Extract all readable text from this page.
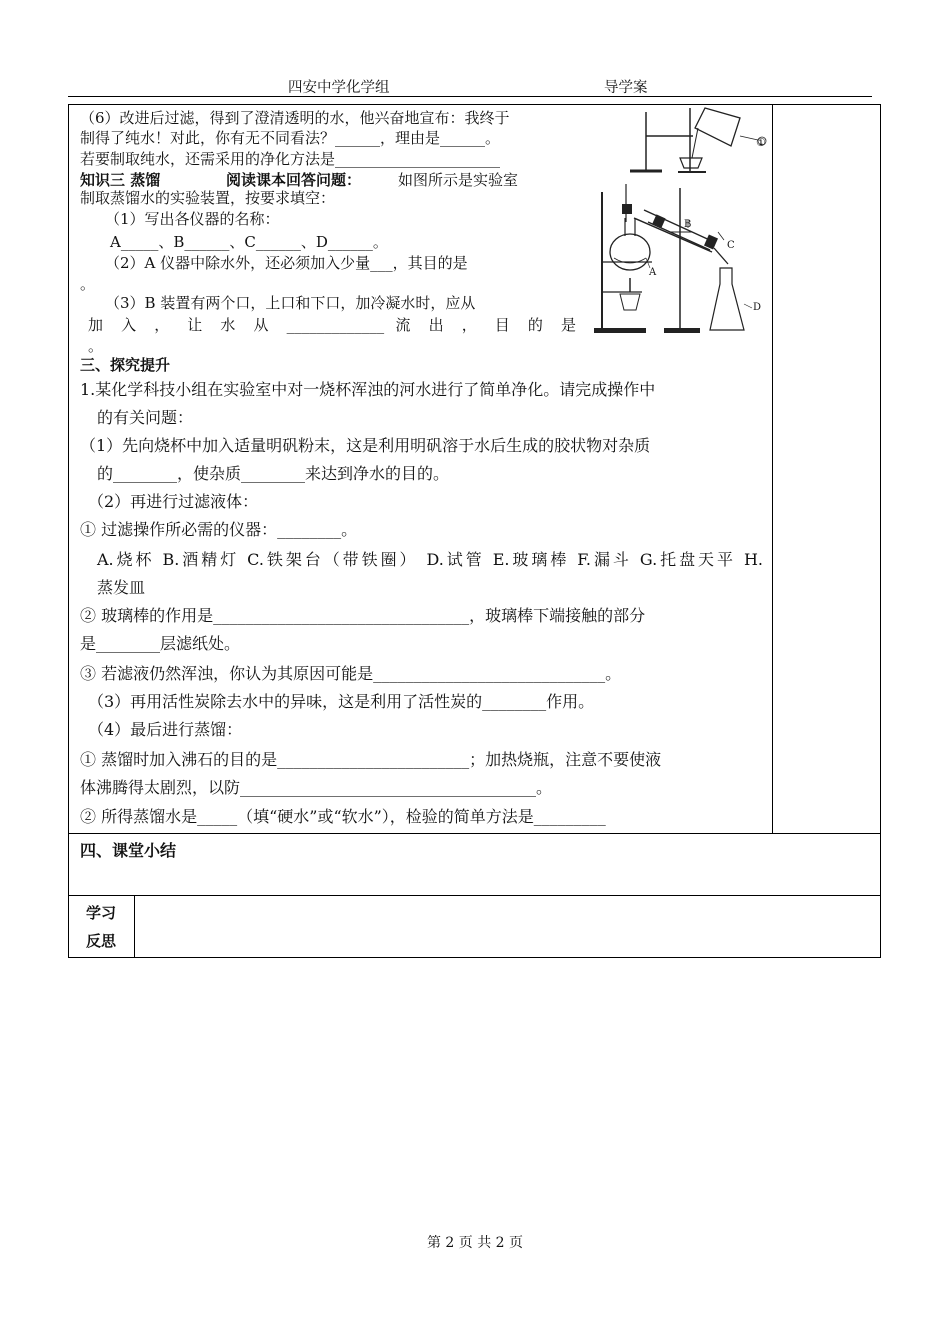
四安中学化学组	导学案
①
A
B
C
D
（6）改进后过滤，得到了澄清透明的水，他兴奋地宣布：我终于
制得了纯水！对此，你有无不同看法？______，理由是______。
若要制取纯水，还需采用的净化方法是______________________
知识三 蒸馏	阅读课本回答问题： 如图所示是实验室
制取蒸馏水的实验装置，按要求填空：
（1）写出各仪器的名称：
A_____、B______、C______、D______。
（2）A 仪器中除水外，还必须加入少量___，其目的是
。
（3）B 装置有两个口，上口和下口，加冷凝水时，应从
加 入 ， 让 水 从 _____________ 流 出 ， 目 的 是
。
三、探究提升
1.某化学科技小组在实验室中对一烧杯浑浊的河水进行了简单净化。请完成操作中
的有关问题：
（1）先向烧杯中加入适量明矾粉末，这是利用明矾溶于水后生成的胶状物对杂质
的________，使杂质________来达到净水的目的。
（2）再进行过滤液体：
① 过滤操作所必需的仪器：________。
A.烧杯 B.酒精灯 C.铁架台（带铁圈） D.试管 E.玻璃棒 F.漏斗 G.托盘天平 H.
蒸发皿
② 玻璃棒的作用是________________________________，玻璃棒下端接触的部分
是________层滤纸处。
③ 若滤液仍然浑浊，你认为其原因可能是_____________________________。
（3）再用活性炭除去水中的异味，这是利用了活性炭的________作用。
（4）最后进行蒸馏：
① 蒸馏时加入沸石的目的是________________________；加热烧瓶，注意不要使液
体沸腾得太剧烈，以防_____________________________________。
② 所得蒸馏水是_____（填“硬水”或“软水”），检验的简单方法是_________
四、课堂小结
学习
反思
第 2 页 共 2 页
